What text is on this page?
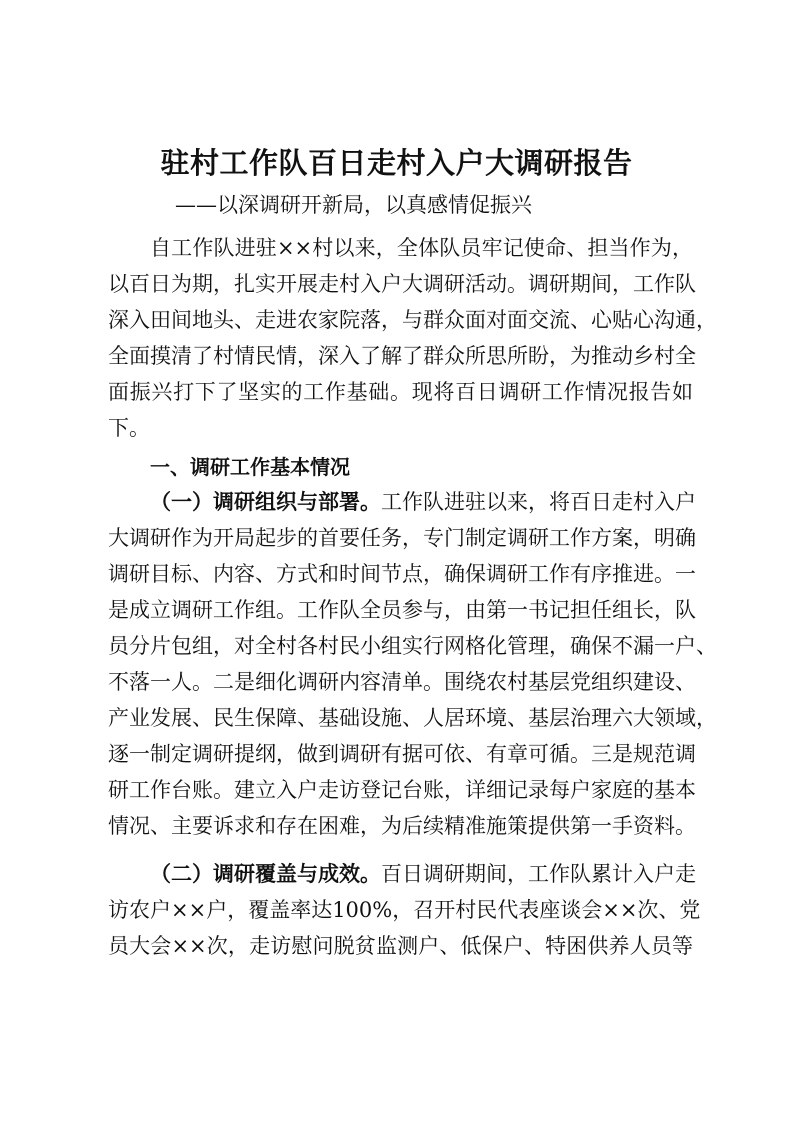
驻村工作队百日走村入户大调研报告
——以深调研开新局，以真感情促振兴
自工作队进驻××村以来，全体队员牢记使命、担当作为，
以百日为期，扎实开展走村入户大调研活动。调研期间，工作队
深入田间地头、走进农家院落，与群众面对面交流、心贴心沟通，
全面摸清了村情民情，深入了解了群众所思所盼，为推动乡村全
面振兴打下了坚实的工作基础。现将百日调研工作情况报告如
下。
一、调研工作基本情况
（一）调研组织与部署。工作队进驻以来，将百日走村入户
大调研作为开局起步的首要任务，专门制定调研工作方案，明确
调研目标、内容、方式和时间节点，确保调研工作有序推进。一
是成立调研工作组。工作队全员参与，由第一书记担任组长，队
员分片包组，对全村各村民小组实行网格化管理，确保不漏一户、
不落一人。二是细化调研内容清单。围绕农村基层党组织建设、
产业发展、民生保障、基础设施、人居环境、基层治理六大领域，
逐一制定调研提纲，做到调研有据可依、有章可循。三是规范调
研工作台账。建立入户走访登记台账，详细记录每户家庭的基本
情况、主要诉求和存在困难，为后续精准施策提供第一手资料。
（二）调研覆盖与成效。百日调研期间，工作队累计入户走
访农户××户，覆盖率达100%，召开村民代表座谈会××次、党
员大会××次，走访慰问脱贫监测户、低保户、特困供养人员等
